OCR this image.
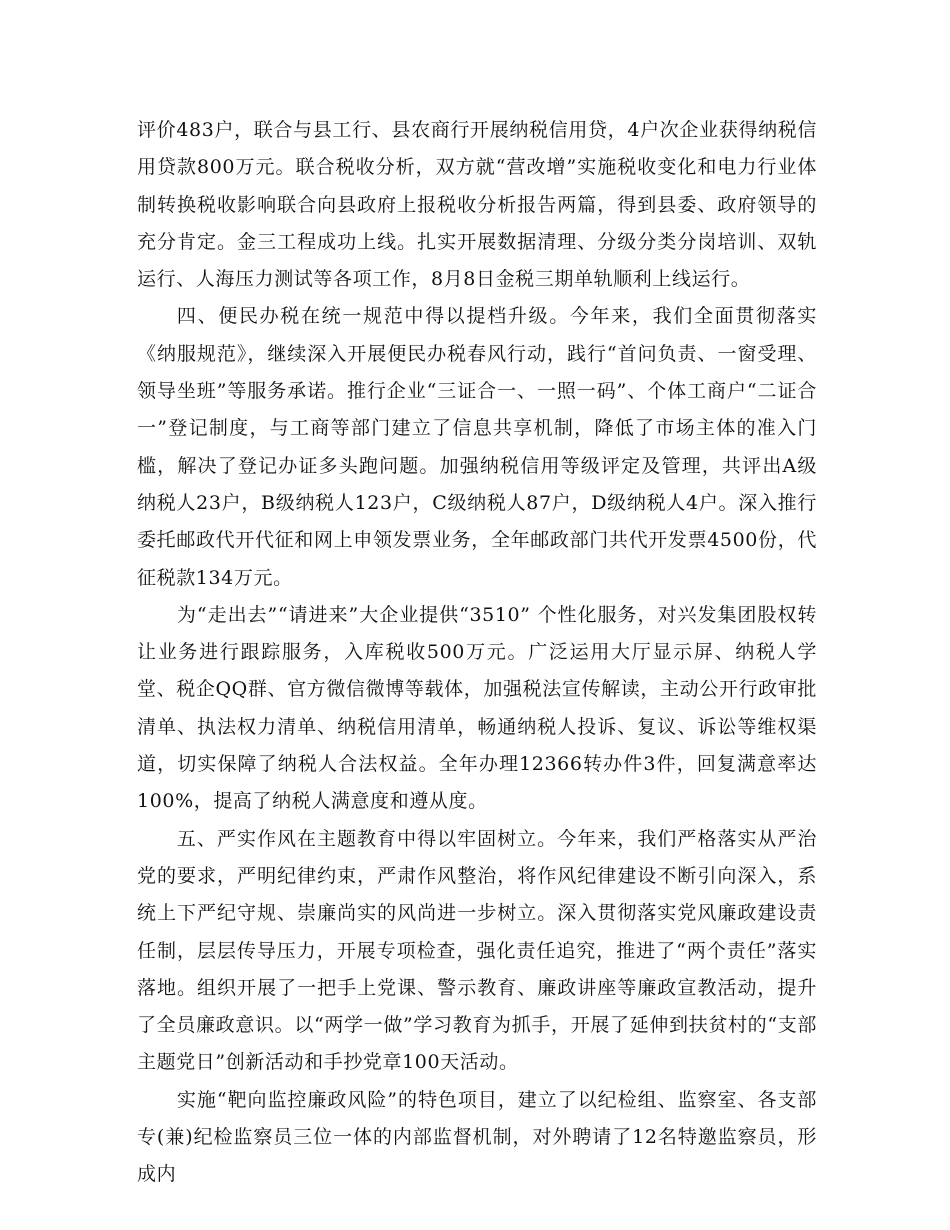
评价483户，联合与县工行、县农商行开展纳税信用贷，4户次企业获得纳税信用贷款800万元。联合税收分析，双方就“营改增”实施税收变化和电力行业体制转换税收影响联合向县政府上报税收分析报告两篇，得到县委、政府领导的充分肯定。金三工程成功上线。扎实开展数据清理、分级分类分岗培训、双轨运行、人海压力测试等各项工作，8月8日金税三期单轨顺利上线运行。

四、便民办税在统一规范中得以提档升级。今年来，我们全面贯彻落实《纳服规范》，继续深入开展便民办税春风行动，践行“首问负责、一窗受理、领导坐班”等服务承诺。推行企业“三证合一、一照一码”、个体工商户“二证合一”登记制度，与工商等部门建立了信息共享机制，降低了市场主体的准入门槛，解决了登记办证多头跑问题。加强纳税信用等级评定及管理，共评出A级纳税人23户，B级纳税人123户，C级纳税人87户，D级纳税人4户。深入推行委托邮政代开代征和网上申领发票业务，全年邮政部门共代开发票4500份，代征税款134万元。

为“走出去”“请进来”大企业提供“3510” 个性化服务，对兴发集团股权转让业务进行跟踪服务，入库税收500万元。广泛运用大厅显示屏、纳税人学堂、税企QQ群、官方微信微博等载体，加强税法宣传解读，主动公开行政审批清单、执法权力清单、纳税信用清单，畅通纳税人投诉、复议、诉讼等维权渠道，切实保障了纳税人合法权益。全年办理12366转办件3件，回复满意率达100%，提高了纳税人满意度和遵从度。

五、严实作风在主题教育中得以牢固树立。今年来，我们严格落实从严治党的要求，严明纪律约束，严肃作风整治，将作风纪律建设不断引向深入，系统上下严纪守规、崇廉尚实的风尚进一步树立。深入贯彻落实党风廉政建设责任制，层层传导压力，开展专项检查，强化责任追究，推进了“两个责任”落实落地。组织开展了一把手上党课、警示教育、廉政讲座等廉政宣教活动，提升了全员廉政意识。以“两学一做”学习教育为抓手，开展了延伸到扶贫村的“支部主题党日”创新活动和手抄党章100天活动。

实施“靶向监控廉政风险”的特色项目，建立了以纪检组、监察室、各支部专(兼)纪检监察员三位一体的内部监督机制，对外聘请了12名特邀监察员，形成内
